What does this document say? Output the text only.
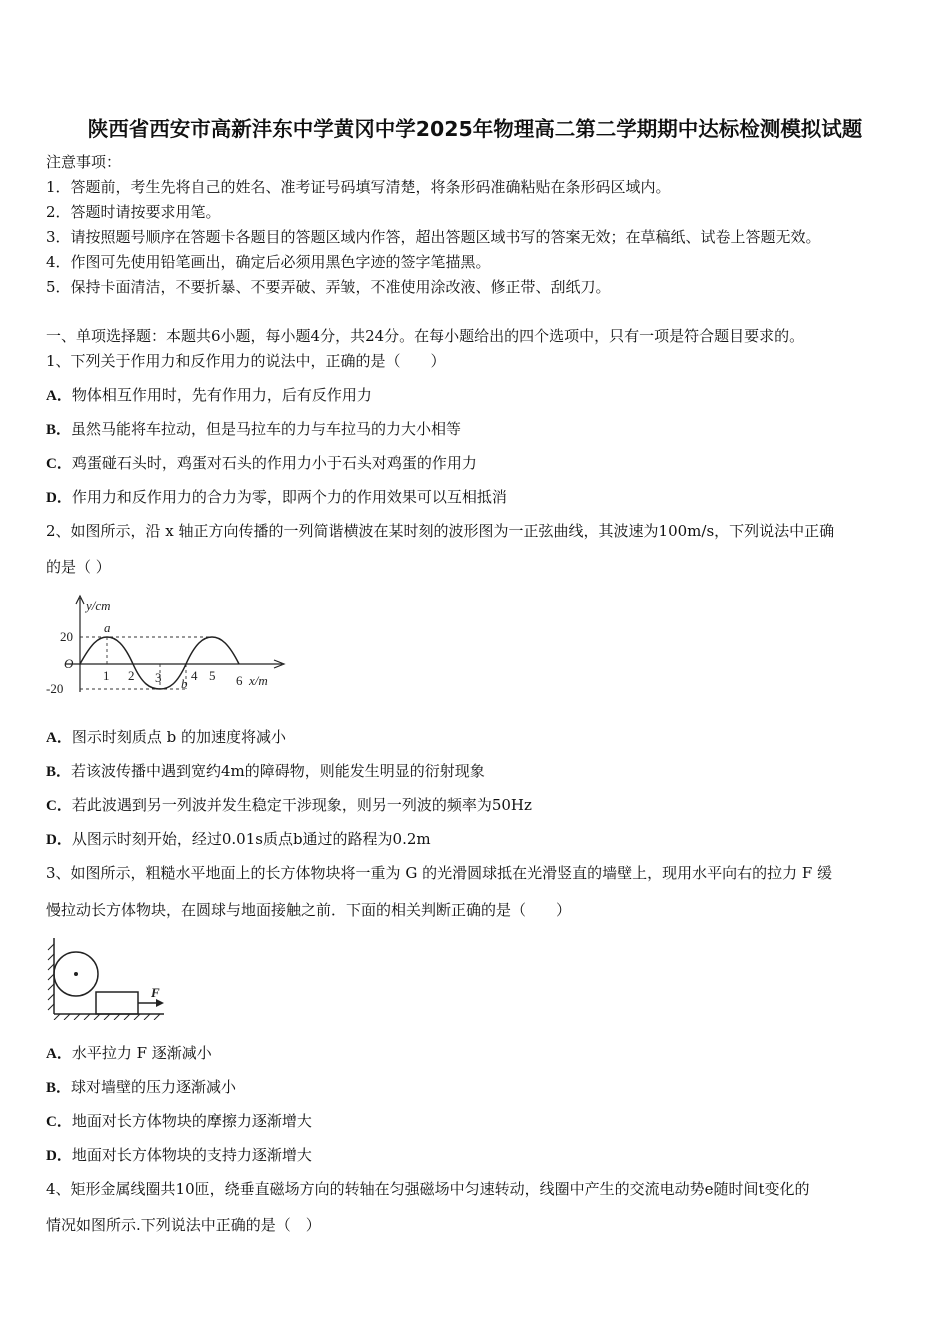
陕西省西安市高新沣东中学黄冈中学2025年物理高二第二学期期中达标检测模拟试题
注意事项：
1．答题前，考生先将自己的姓名、准考证号码填写清楚，将条形码准确粘贴在条形码区域内。
2．答题时请按要求用笔。
3．请按照题号顺序在答题卡各题目的答题区域内作答，超出答题区域书写的答案无效；在草稿纸、试卷上答题无效。
4．作图可先使用铅笔画出，确定后必须用黑色字迹的签字笔描黑。
5．保持卡面清洁，不要折暴、不要弄破、弄皱，不准使用涂改液、修正带、刮纸刀。
一、单项选择题：本题共6小题，每小题4分，共24分。在每小题给出的四个选项中，只有一项是符合题目要求的。
1、下列关于作用力和反作用力的说法中，正确的是（　　）
A．物体相互作用时，先有作用力，后有反作用力
B．虽然马能将车拉动，但是马拉车的力与车拉马的力大小相等
C．鸡蛋碰石头时，鸡蛋对石头的作用力小于石头对鸡蛋的作用力
D．作用力和反作用力的合力为零，即两个力的作用效果可以互相抵消
2、如图所示，沿 x 轴正方向传播的一列简谐横波在某时刻的波形图为一正弦曲线，其波速为100m/s，下列说法中正确
的是（ ）
y/cm
20
O
-20
a
b
1 2 3 4 5 6 x/m
A．图示时刻质点 b 的加速度将减小
B．若该波传播中遇到宽约4m的障碍物，则能发生明显的衍射现象
C．若此波遇到另一列波并发生稳定干涉现象，则另一列波的频率为50Hz
D．从图示时刻开始，经过0.01s质点b通过的路程为0.2m
3、如图所示，粗糙水平地面上的长方体物块将一重为 G 的光滑圆球抵在光滑竖直的墙壁上，现用水平向右的拉力 F 缓
慢拉动长方体物块，在圆球与地面接触之前．下面的相关判断正确的是（　　）
F
A．水平拉力 F 逐渐减小
B．球对墙壁的压力逐渐减小
C．地面对长方体物块的摩擦力逐渐增大
D．地面对长方体物块的支持力逐渐增大
4、矩形金属线圈共10匝，绕垂直磁场方向的转轴在匀强磁场中匀速转动，线圈中产生的交流电动势e随时间t变化的
情况如图所示.下列说法中正确的是（　）
